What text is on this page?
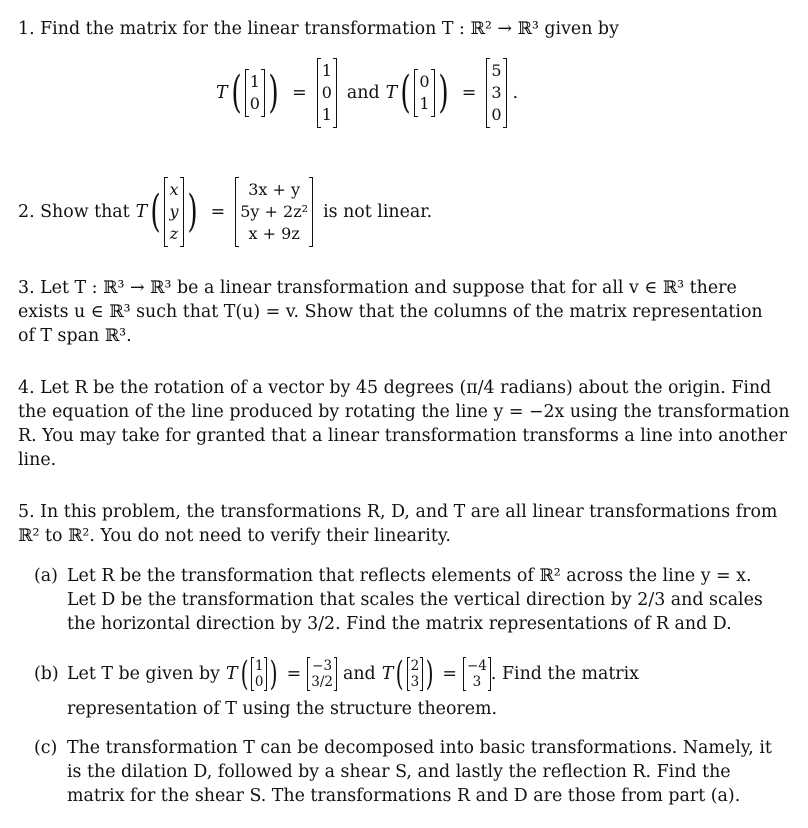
1. Find the matrix for the linear transformation T : ℝ² → ℝ³ given by
T ( 1
0 ) =
1
0
1
and T ( 0
1 ) =
5
3
0
.
2. Show that T ( x
y
z ) =
3x + y
5y + 2z²
x + 9z
is not linear.
3. Let T : ℝ³ → ℝ³ be a linear transformation and suppose that for all v ∈ ℝ³ there
exists u ∈ ℝ³ such that T(u) = v. Show that the columns of the matrix representation
of T span ℝ³.
4. Let R be the rotation of a vector by 45 degrees (π/4 radians) about the origin. Find
the equation of the line produced by rotating the line y = −2x using the transformation
R. You may take for granted that a linear transformation transforms a line into another
line.
5. In this problem, the transformations R, D, and T are all linear transformations from
ℝ² to ℝ². You do not need to verify their linearity.
(a) Let R be the transformation that reflects elements of ℝ² across the line y = x.
Let D be the transformation that scales the vertical direction by 2/3 and scales
the horizontal direction by 3/2. Find the matrix representations of R and D.
(b) Let T be given by T ( 1
0 ) = −3
3/2 and T ( 2
3 ) = −4
3 . Find the matrix
representation of T using the structure theorem.
(c) The transformation T can be decomposed into basic transformations. Namely, it
is the dilation D, followed by a shear S, and lastly the reflection R. Find the
matrix for the shear S. The transformations R and D are those from part (a).
